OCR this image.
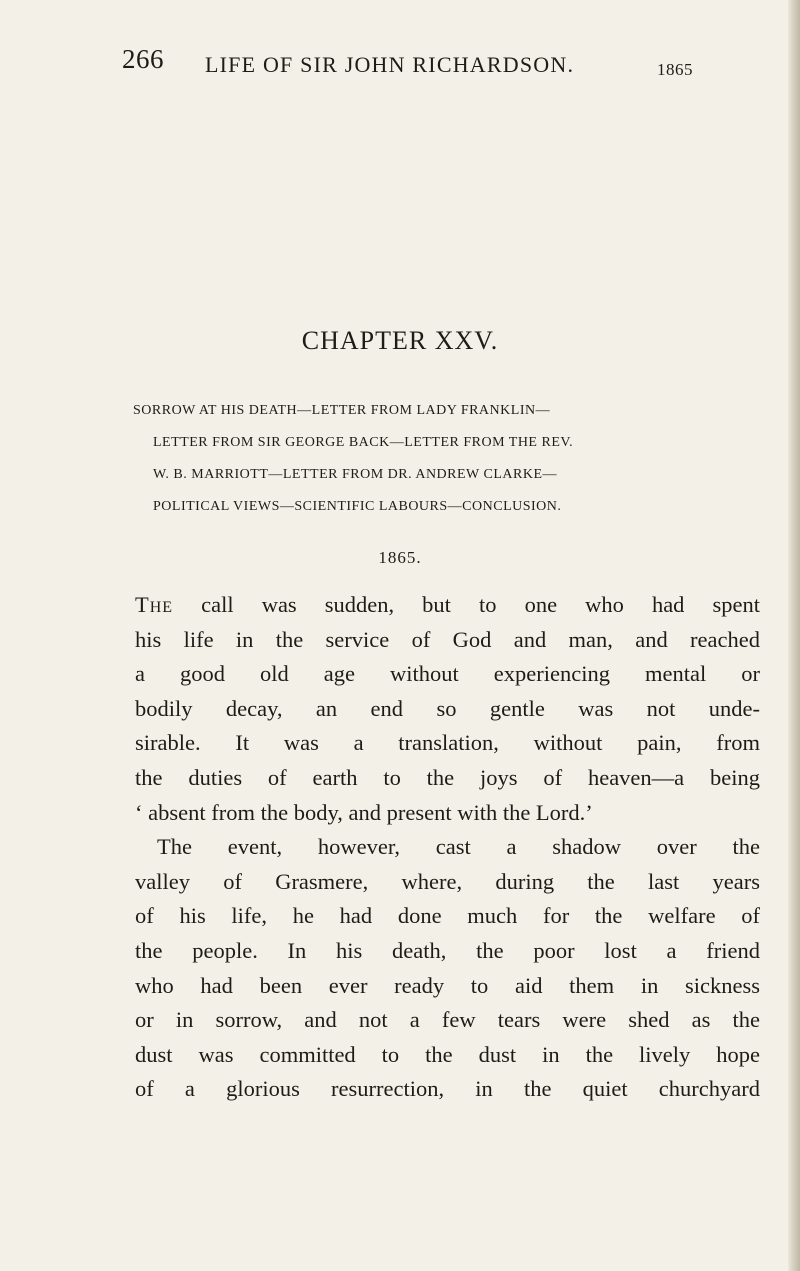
266 LIFE OF SIR JOHN RICHARDSON.	1865
CHAPTER XXV.
SORROW AT HIS DEATH—LETTER FROM LADY FRANKLIN—
LETTER FROM SIR GEORGE BACK—LETTER FROM THE REV.
W. B. MARRIOTT—LETTER FROM DR. ANDREW CLARKE—
POLITICAL VIEWS—SCIENTIFIC LABOURS—CONCLUSION.
1865.
The call was sudden, but to one who had spent
his life in the service of God and man, and reached
a good old age without experiencing mental or
bodily decay, an end so gentle was not unde-
sirable. It was a translation, without pain, from
the duties of earth to the joys of heaven—a being
‘ absent from the body, and present with the Lord.’
The event, however, cast a shadow over the
valley of Grasmere, where, during the last years
of his life, he had done much for the welfare of
the people. In his death, the poor lost a friend
who had been ever ready to aid them in sickness
or in sorrow, and not a few tears were shed as the
dust was committed to the dust in the lively hope
of a glorious resurrection, in the quiet churchyard
